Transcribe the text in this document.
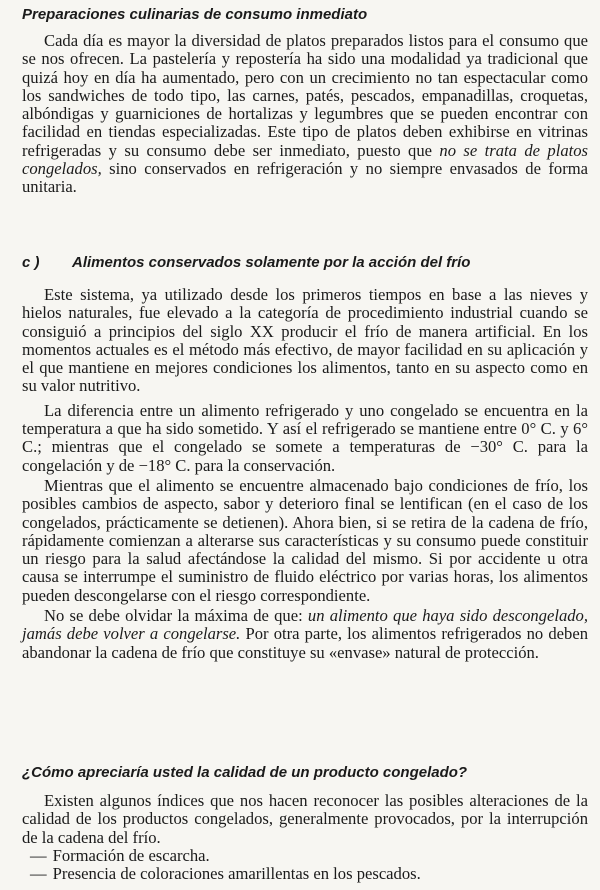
Preparaciones culinarias de consumo inmediato

Cada día es mayor la diversidad de platos preparados listos para el consumo que se nos ofrecen. La pastelería y repostería ha sido una modalidad ya tradicional que quizá hoy en día ha aumentado, pero con un crecimiento no tan espectacular como los sandwiches de todo tipo, las carnes, patés, pescados, empanadillas, croquetas, albóndigas y guarniciones de hortalizas y legumbres que se pueden encontrar con facilidad en tiendas especializadas. Este tipo de platos deben exhibirse en vitrinas refrigeradas y su consumo debe ser inmediato, puesto que no se trata de platos congelados, sino conservados en refrigeración y no siempre envasados de forma unitaria.

c ) Alimentos conservados solamente por la acción del frío

Este sistema, ya utilizado desde los primeros tiempos en base a las nieves y hielos naturales, fue elevado a la categoría de procedimiento industrial cuando se consiguió a principios del siglo XX producir el frío de manera artificial. En los momentos actuales es el método más efectivo, de mayor facilidad en su aplicación y el que mantiene en mejores condiciones los alimentos, tanto en su aspecto como en su valor nutritivo.

La diferencia entre un alimento refrigerado y uno congelado se encuentra en la temperatura a que ha sido sometido. Y así el refrigerado se mantiene entre 0° C. y 6° C.; mientras que el congelado se somete a temperaturas de −30° C. para la congelación y de −18° C. para la conservación.

Mientras que el alimento se encuentre almacenado bajo condiciones de frío, los posibles cambios de aspecto, sabor y deterioro final se lentifican (en el caso de los congelados, prácticamente se detienen). Ahora bien, si se retira de la cadena de frío, rápidamente comienzan a alterarse sus características y su consumo puede constituir un riesgo para la salud afectándose la calidad del mismo. Si por accidente u otra causa se interrumpe el suministro de fluido eléctrico por varias horas, los alimentos pueden descongelarse con el riesgo correspondiente.

No se debe olvidar la máxima de que: un alimento que haya sido descongelado, jamás debe volver a congelarse. Por otra parte, los alimentos refrigerados no deben abandonar la cadena de frío que constituye su «envase» natural de protección.

¿Cómo apreciaría usted la calidad de un producto congelado?

Existen algunos índices que nos hacen reconocer las posibles alteraciones de la calidad de los productos congelados, generalmente provocados, por la interrupción de la cadena del frío.

— Formación de escarcha.
— Presencia de coloraciones amarillentas en los pescados.
